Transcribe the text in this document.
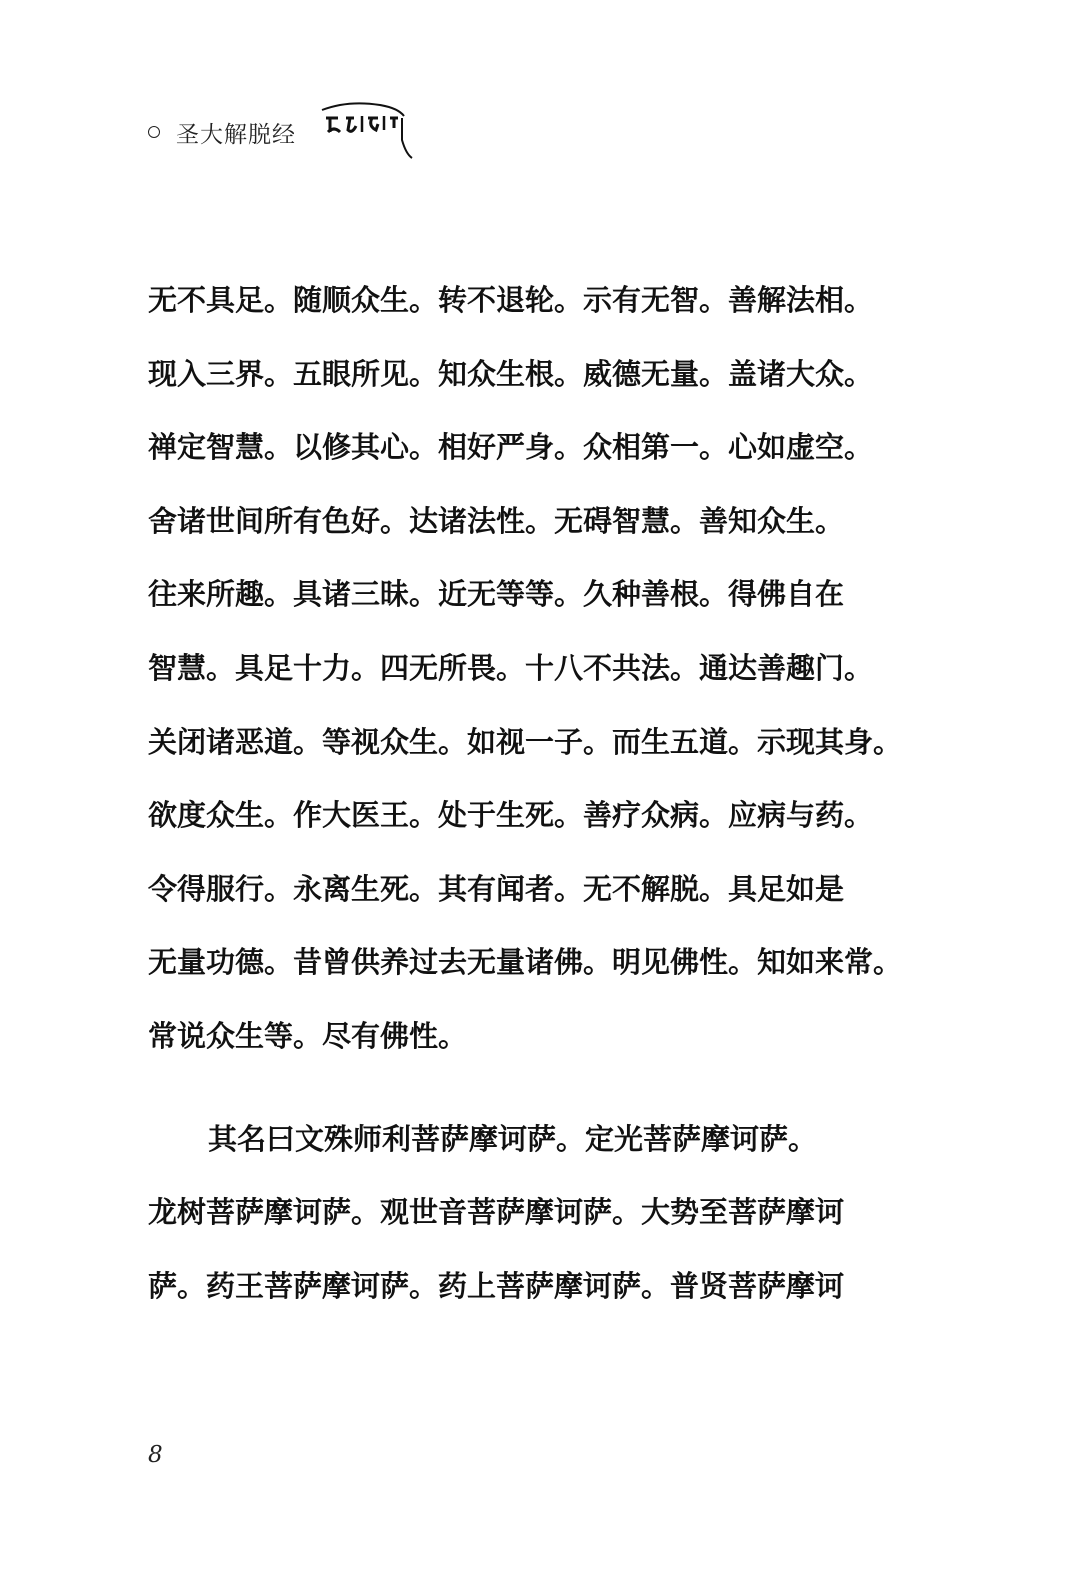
圣大解脱经
无不具足。随顺众生。转不退轮。示有无智。善解法相。
现入三界。五眼所见。知众生根。威德无量。盖诸大众。
禅定智慧。以修其心。相好严身。众相第一。心如虚空。
舍诸世间所有色好。达诸法性。无碍智慧。善知众生。
往来所趣。具诸三昧。近无等等。久种善根。得佛自在
智慧。具足十力。四无所畏。十八不共法。通达善趣门。
关闭诸恶道。等视众生。如视一子。而生五道。示现其身。
欲度众生。作大医王。处于生死。善疗众病。应病与药。
令得服行。永离生死。其有闻者。无不解脱。具足如是
无量功德。昔曾供养过去无量诸佛。明见佛性。知如来常。
常说众生等。尽有佛性。
其名曰文殊师利菩萨摩诃萨。定光菩萨摩诃萨。
龙树菩萨摩诃萨。观世音菩萨摩诃萨。大势至菩萨摩诃
萨。药王菩萨摩诃萨。药上菩萨摩诃萨。普贤菩萨摩诃
8
